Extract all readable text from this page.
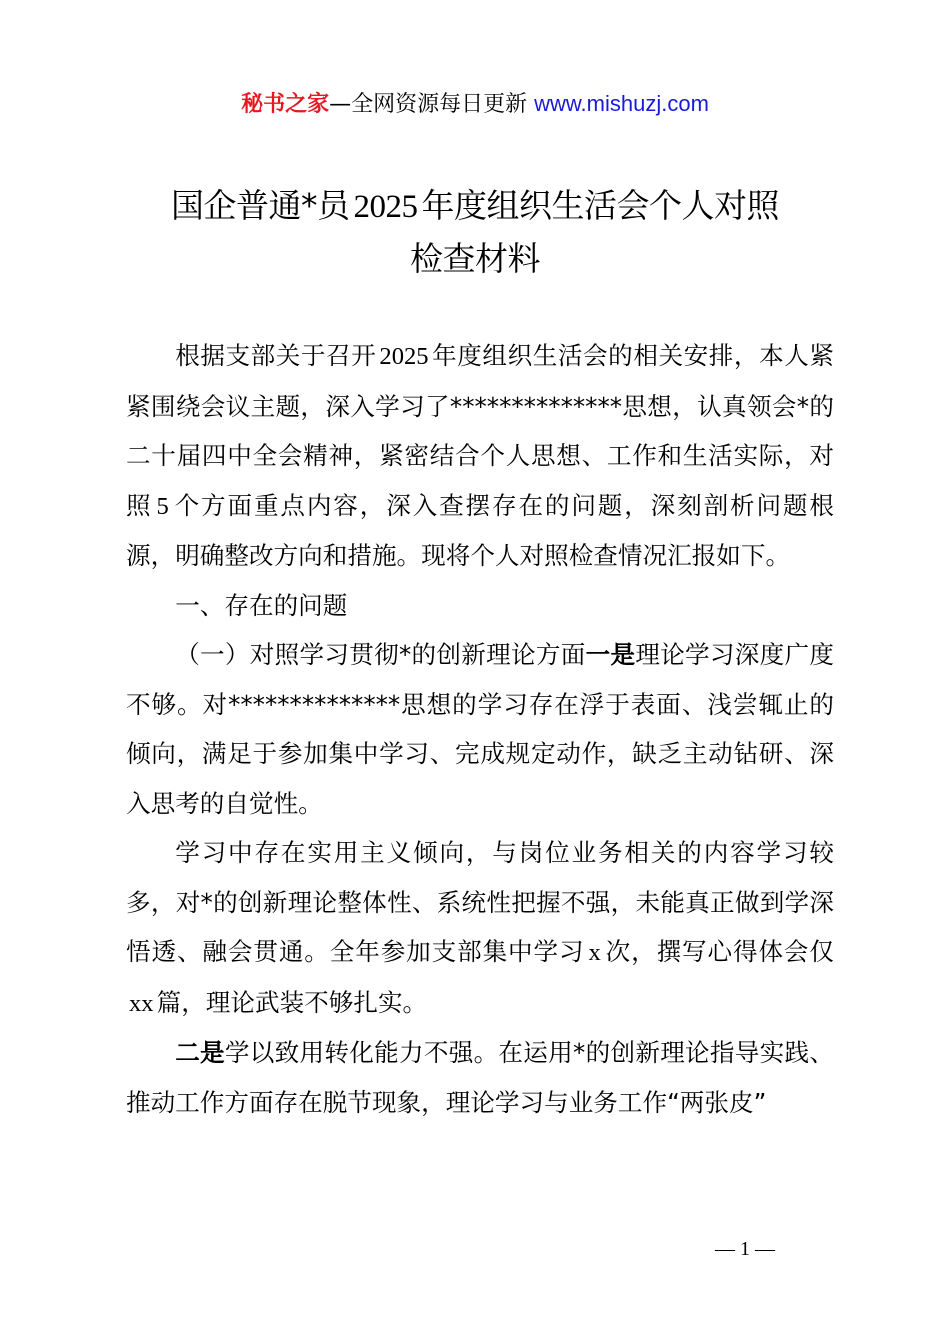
秘书之家—全网资源每日更新 www.mishuzj.com
国企普通*员 2025 年度组织生活会个人对照
检查材料

根据支部关于召开 2025 年度组织生活会的相关安排，本人紧紧围绕会议主题，深入学习了**************思想，认真领会*的二十届四中全会精神，紧密结合个人思想、工作和生活实际，对照 5 个方面重点内容，深入查摆存在的问题，深刻剖析问题根源，明确整改方向和措施。现将个人对照检查情况汇报如下。

一、存在的问题

（一）对照学习贯彻*的创新理论方面一是理论学习深度广度不够。对**************思想的学习存在浮于表面、浅尝辄止的倾向，满足于参加集中学习、完成规定动作，缺乏主动钻研、深入思考的自觉性。

学习中存在实用主义倾向，与岗位业务相关的内容学习较多，对*的创新理论整体性、系统性把握不强，未能真正做到学深悟透、融会贯通。全年参加支部集中学习 x 次，撰写心得体会仅xx 篇，理论武装不够扎实。

二是学以致用转化能力不强。在运用*的创新理论指导实践、推动工作方面存在脱节现象，理论学习与业务工作“两张皮”

— 1 —
